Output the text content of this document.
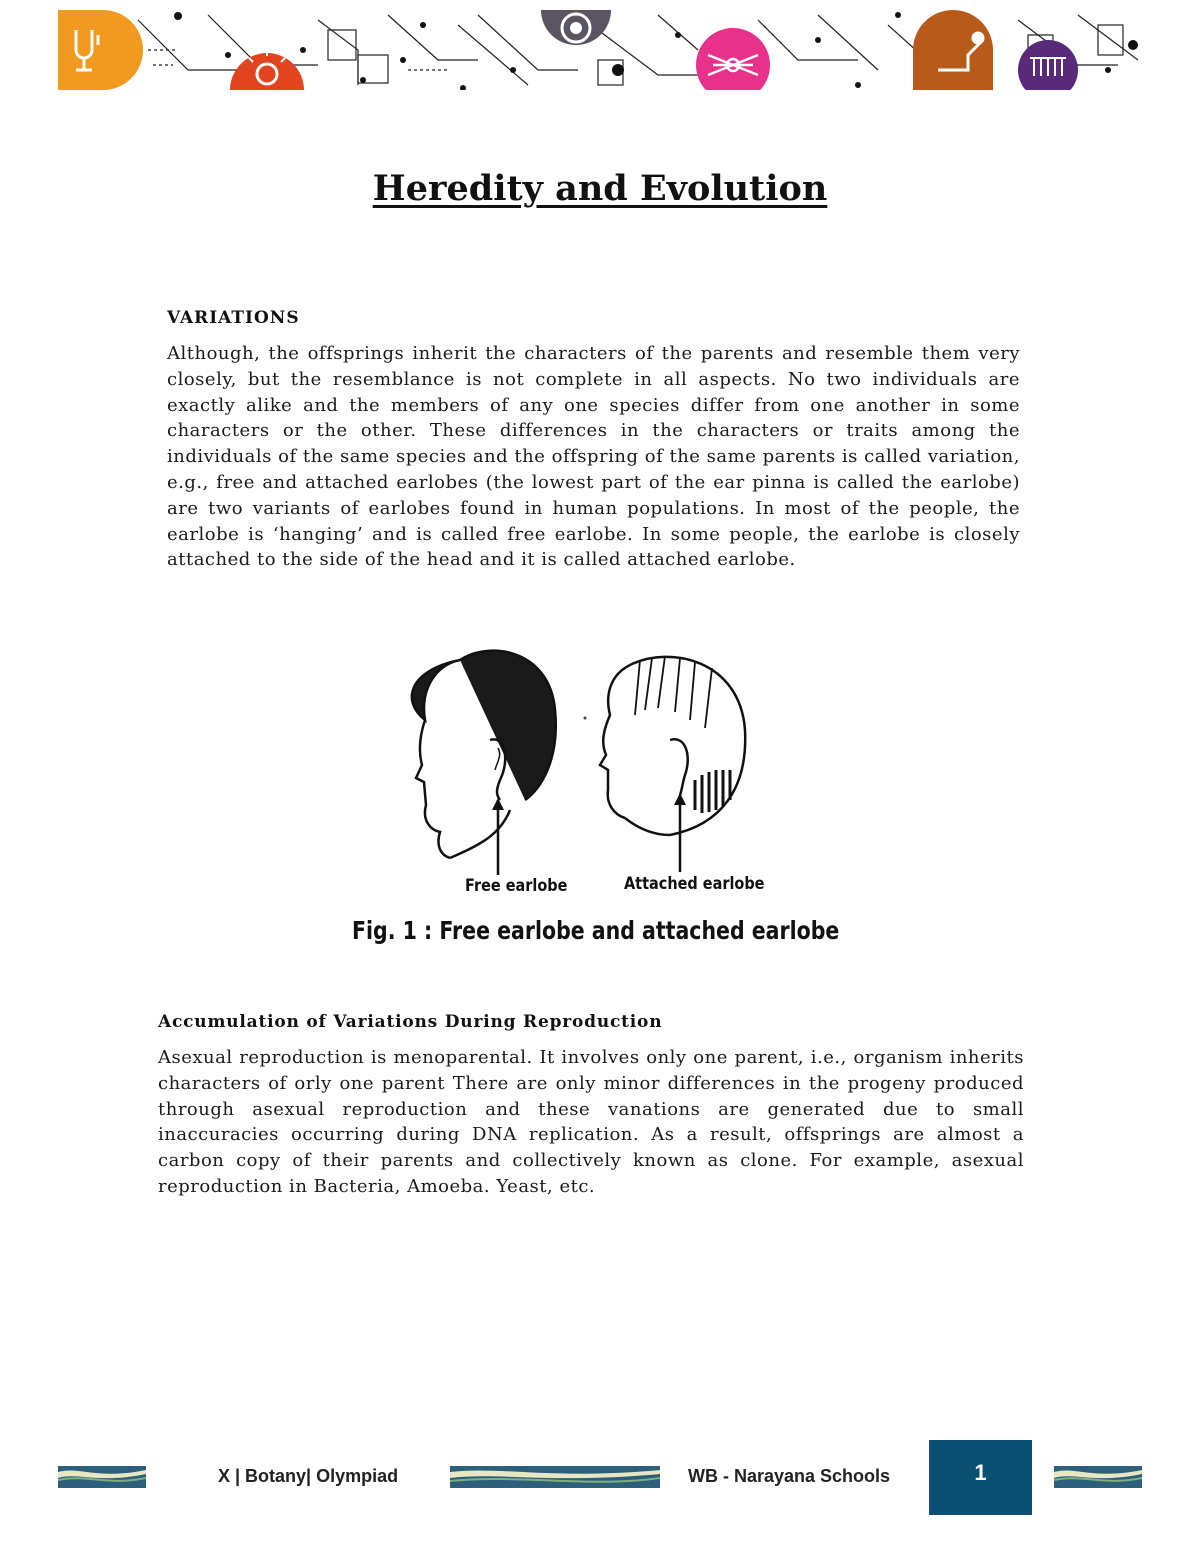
Heredity and Evolution
VARIATIONS

Although, the offsprings inherit the characters of the parents and resemble them very closely, but the resemblance is not complete in all aspects. No two individuals are exactly alike and the members of any one species differ from one another in some characters or the other. These differences in the characters or traits among the individuals of the same species and the offspring of the same parents is called variation, e.g., free and attached earlobes (the lowest part of the ear pinna is called the earlobe) are two variants of earlobes found in human populations. In most of the people, the earlobe is ‘hanging’ and is called free earlobe. In some people, the earlobe is closely attached to the side of the head and it is called attached earlobe.

Free earlobe	Attached earlobe
Fig. 1 : Free earlobe and attached earlobe
Accumulation of Variations During Reproduction

Asexual reproduction is menoparental. It involves only one parent, i.e., organism inherits characters of orly one parent There are only minor differences in the progeny produced through asexual reproduction and these vanations are generated due to small inaccuracies occurring during DNA replication. As a result, offsprings are almost a carbon copy of their parents and collectively known as clone. For example, asexual reproduction in Bacteria, Amoeba. Yeast, etc.

X | Botany| Olympiad	WB - Narayana Schools	1
